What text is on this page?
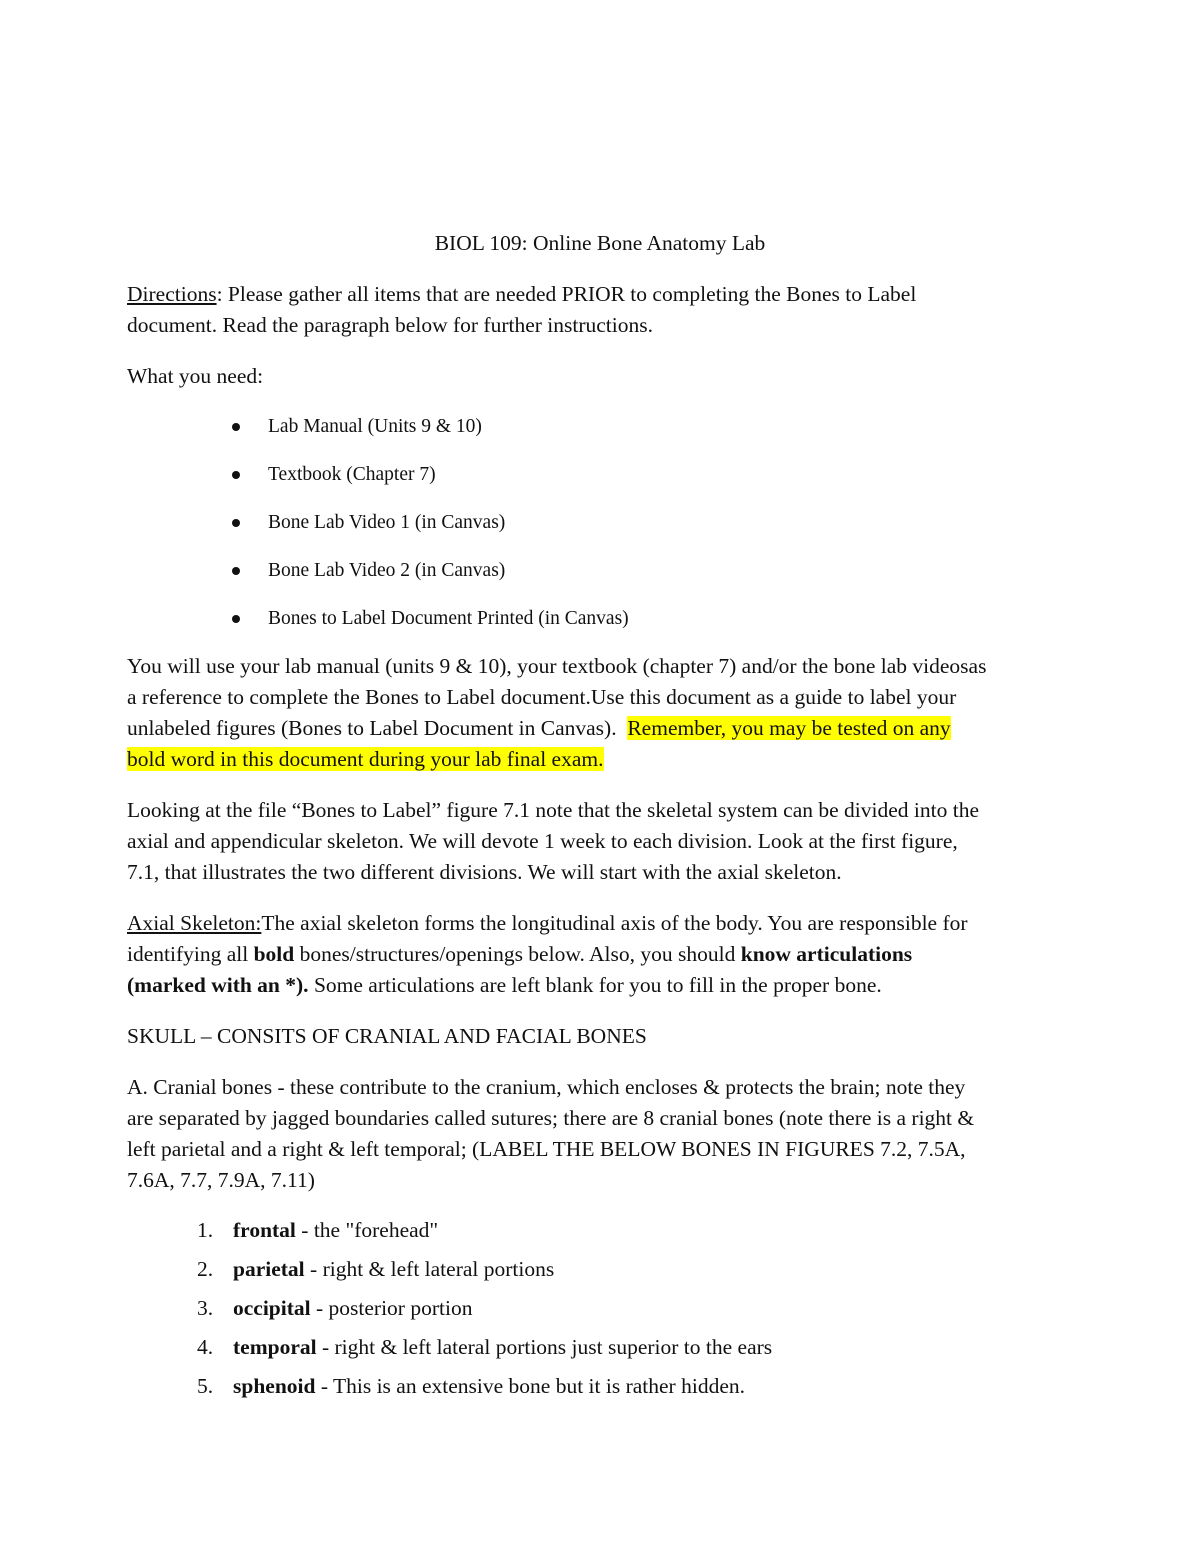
BIOL 109: Online Bone Anatomy Lab

Directions: Please gather all items that are needed PRIOR to completing the Bones to Label
document. Read the paragraph below for further instructions.
What you need:
Lab Manual (Units 9 & 10)
Textbook (Chapter 7)
Bone Lab Video 1 (in Canvas)
Bone Lab Video 2 (in Canvas)
Bones to Label Document Printed (in Canvas)
You will use your lab manual (units 9 & 10), your textbook (chapter 7) and/or the bone lab videosas
a reference to complete the Bones to Label document.Use this document as a guide to label your
unlabeled figures (Bones to Label Document in Canvas). Remember, you may be tested on any
bold word in this document during your lab final exam.
Looking at the file “Bones to Label” figure 7.1 note that the skeletal system can be divided into the
axial and appendicular skeleton. We will devote 1 week to each division. Look at the first figure,
7.1, that illustrates the two different divisions. We will start with the axial skeleton.
Axial Skeleton:The axial skeleton forms the longitudinal axis of the body. You are responsible for
identifying all bold bones/structures/openings below. Also, you should know articulations
(marked with an *). Some articulations are left blank for you to fill in the proper bone.
SKULL – CONSITS OF CRANIAL AND FACIAL BONES
A. Cranial bones - these contribute to the cranium, which encloses & protects the brain; note they
are separated by jagged boundaries called sutures; there are 8 cranial bones (note there is a right &
left parietal and a right & left temporal; (LABEL THE BELOW BONES IN FIGURES 7.2, 7.5A,
7.6A, 7.7, 7.9A, 7.11)
1. frontal - the "forehead"
2. parietal - right & left lateral portions
3. occipital - posterior portion
4. temporal - right & left lateral portions just superior to the ears
5. sphenoid - This is an extensive bone but it is rather hidden.
